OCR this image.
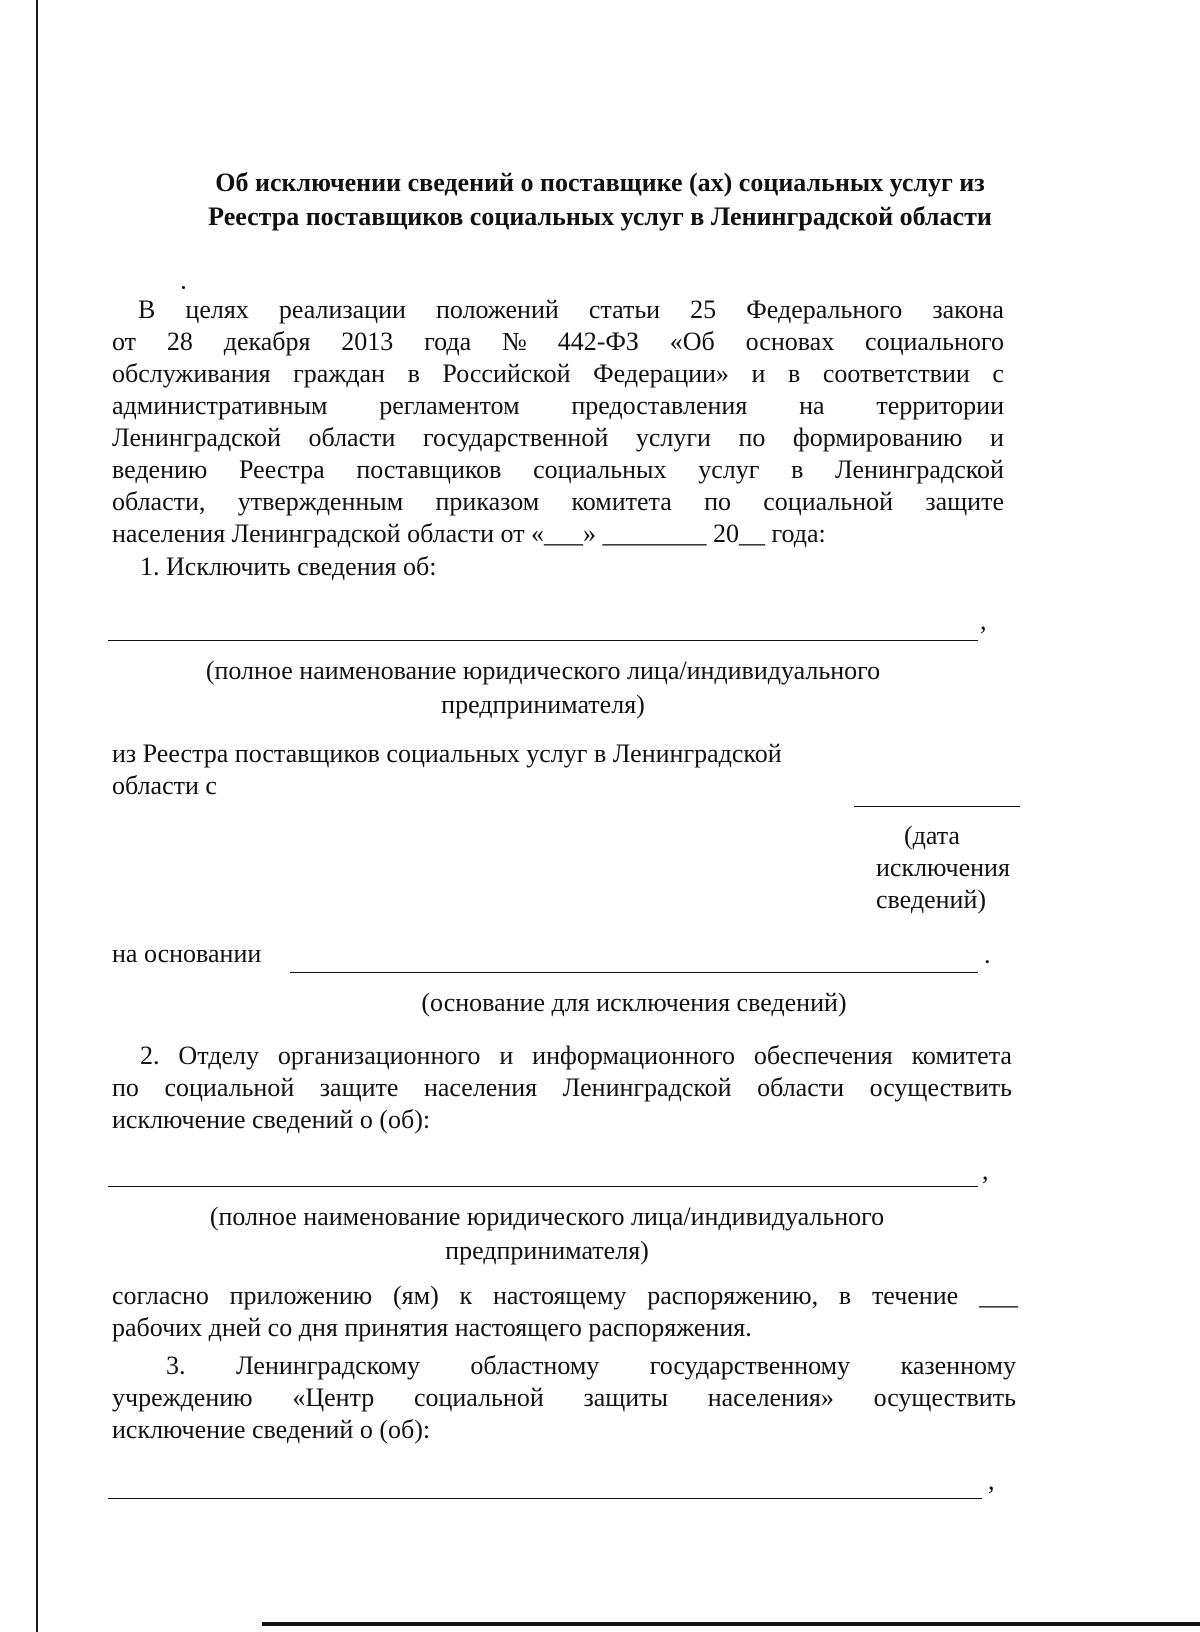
Об исключении сведений о поставщике (ах) социальных услуг из
Реестра поставщиков социальных услуг в Ленинградской области
В целях реализации положений статьи 25 Федерального закона
от 28 декабря 2013 года № 442-ФЗ «Об основах социального
обслуживания граждан в Российской Федерации» и в соответствии с
административным регламентом предоставления на территории
Ленинградской области государственной услуги по формированию и
ведению Реестра поставщиков социальных услуг в Ленинградской
области, утвержденным приказом комитета по социальной защите
населения Ленинградской области от «___» ________ 20__ года:
1. Исключить сведения об:
,
(полное наименование юридического лица/индивидуального
предпринимателя)
из Реестра поставщиков социальных услуг в Ленинградской
области с
(дата
исключения
сведений)
на основании	.
(основание для исключения сведений)
2. Отделу организационного и информационного обеспечения комитета
по социальной защите населения Ленинградской области осуществить
исключение сведений о (об):
,
(полное наименование юридического лица/индивидуального
предпринимателя)
согласно приложению (ям) к настоящему распоряжению, в течение ___
рабочих дней со дня принятия настоящего распоряжения.
3. Ленинградскому областному государственному казенному
учреждению «Центр социальной защиты населения» осуществить
исключение сведений о (об):
,
